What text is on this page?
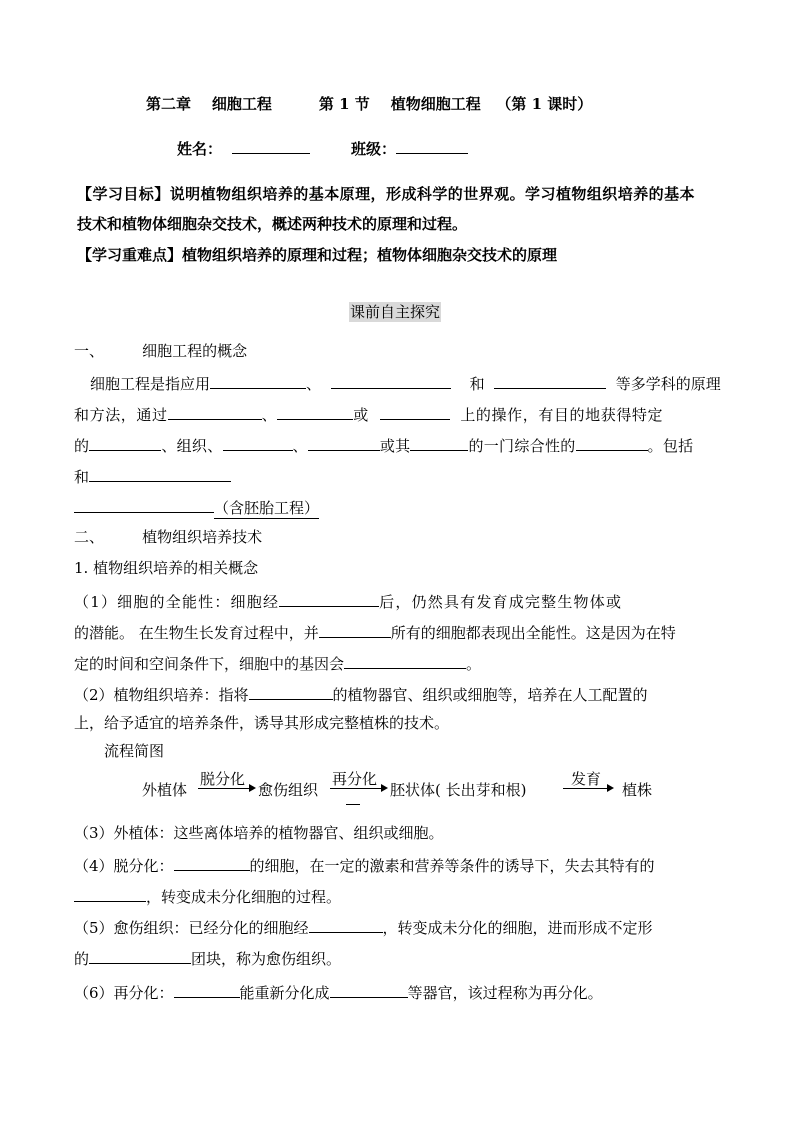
第二章 细胞工程	第 1 节 植物细胞工程 （第 1 课时）
姓名：	班级：
【学习目标】说明植物组织培养的基本原理，形成科学的世界观。学习植物组织培养的基本
技术和植物体细胞杂交技术，概述两种技术的原理和过程。
【学习重难点】植物组织培养的原理和过程；植物体细胞杂交技术的原理
课前自主探究
一、	细胞工程的概念
细胞工程是指应用	、	和	等多学科的原理
和方法，通过	、	或	上的操作，有目的地获得特定
的	、组织、	、	或其	的一门综合性的	。包括
和
（含胚胎工程）
二、	植物组织培养技术
1. 植物组织培养的相关概念
（1）细胞的全能性：细胞经	后，仍然具有发育成完整生物体或
的潜能。 在生物生长发育过程中，并	所有的细胞都表现出全能性。这是因为在特
定的时间和空间条件下，细胞中的基因会	。
（2）植物组织培养：指将	的植物器官、组织或细胞等，培养在人工配置的
上，给予适宜的培养条件，诱导其形成完整植株的技术。
流程简图
外植体
脱分化
愈伤组织
再分化
胚状体( 长出芽和根)
发育
植株
（3）外植体：这些离体培养的植物器官、组织或细胞。
（4）脱分化：	的细胞，在一定的激素和营养等条件的诱导下，失去其特有的
，转变成未分化细胞的过程。
（5）愈伤组织：已经分化的细胞经	，转变成未分化的细胞，进而形成不定形
的	团块，称为愈伤组织。
（6）再分化：	能重新分化成	等器官，该过程称为再分化。
